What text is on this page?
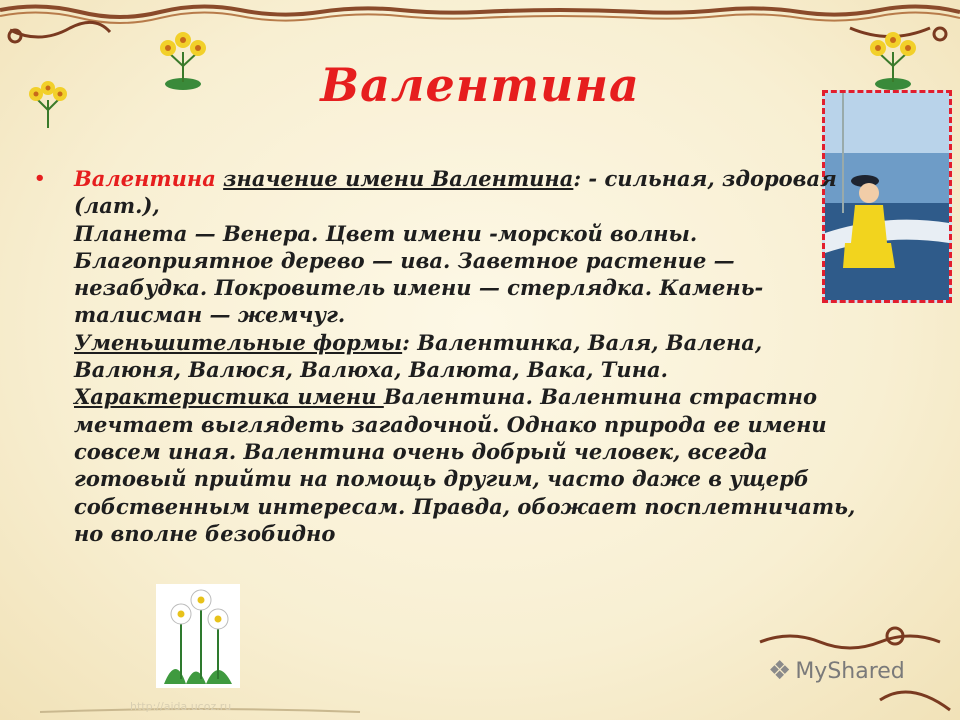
Валентина
• Валентина значение имени Валентина: - сильная, здоровая (лат.),
Планета — Венера. Цвет имени -морской волны. Благоприятное дерево — ива. Заветное растение — незабудка. Покровитель имени — стерлядка. Камень-талисман — жемчуг.
Уменьшительные формы: Валентинка, Валя, Валена, Валюня, Валюся, Валюха, Валюта, Вака, Тина.
Характеристика имени Валентина. Валентина страстно мечтает выглядеть загадочной. Однако природа ее имени совсем иная. Валентина очень добрый человек, всегда готовый прийти на помощь другим, часто даже в ущерб собственным интересам. Правда, обожает посплетничать, но вполне безобидно
❖ MyShared
http://aida.ucoz.ru
